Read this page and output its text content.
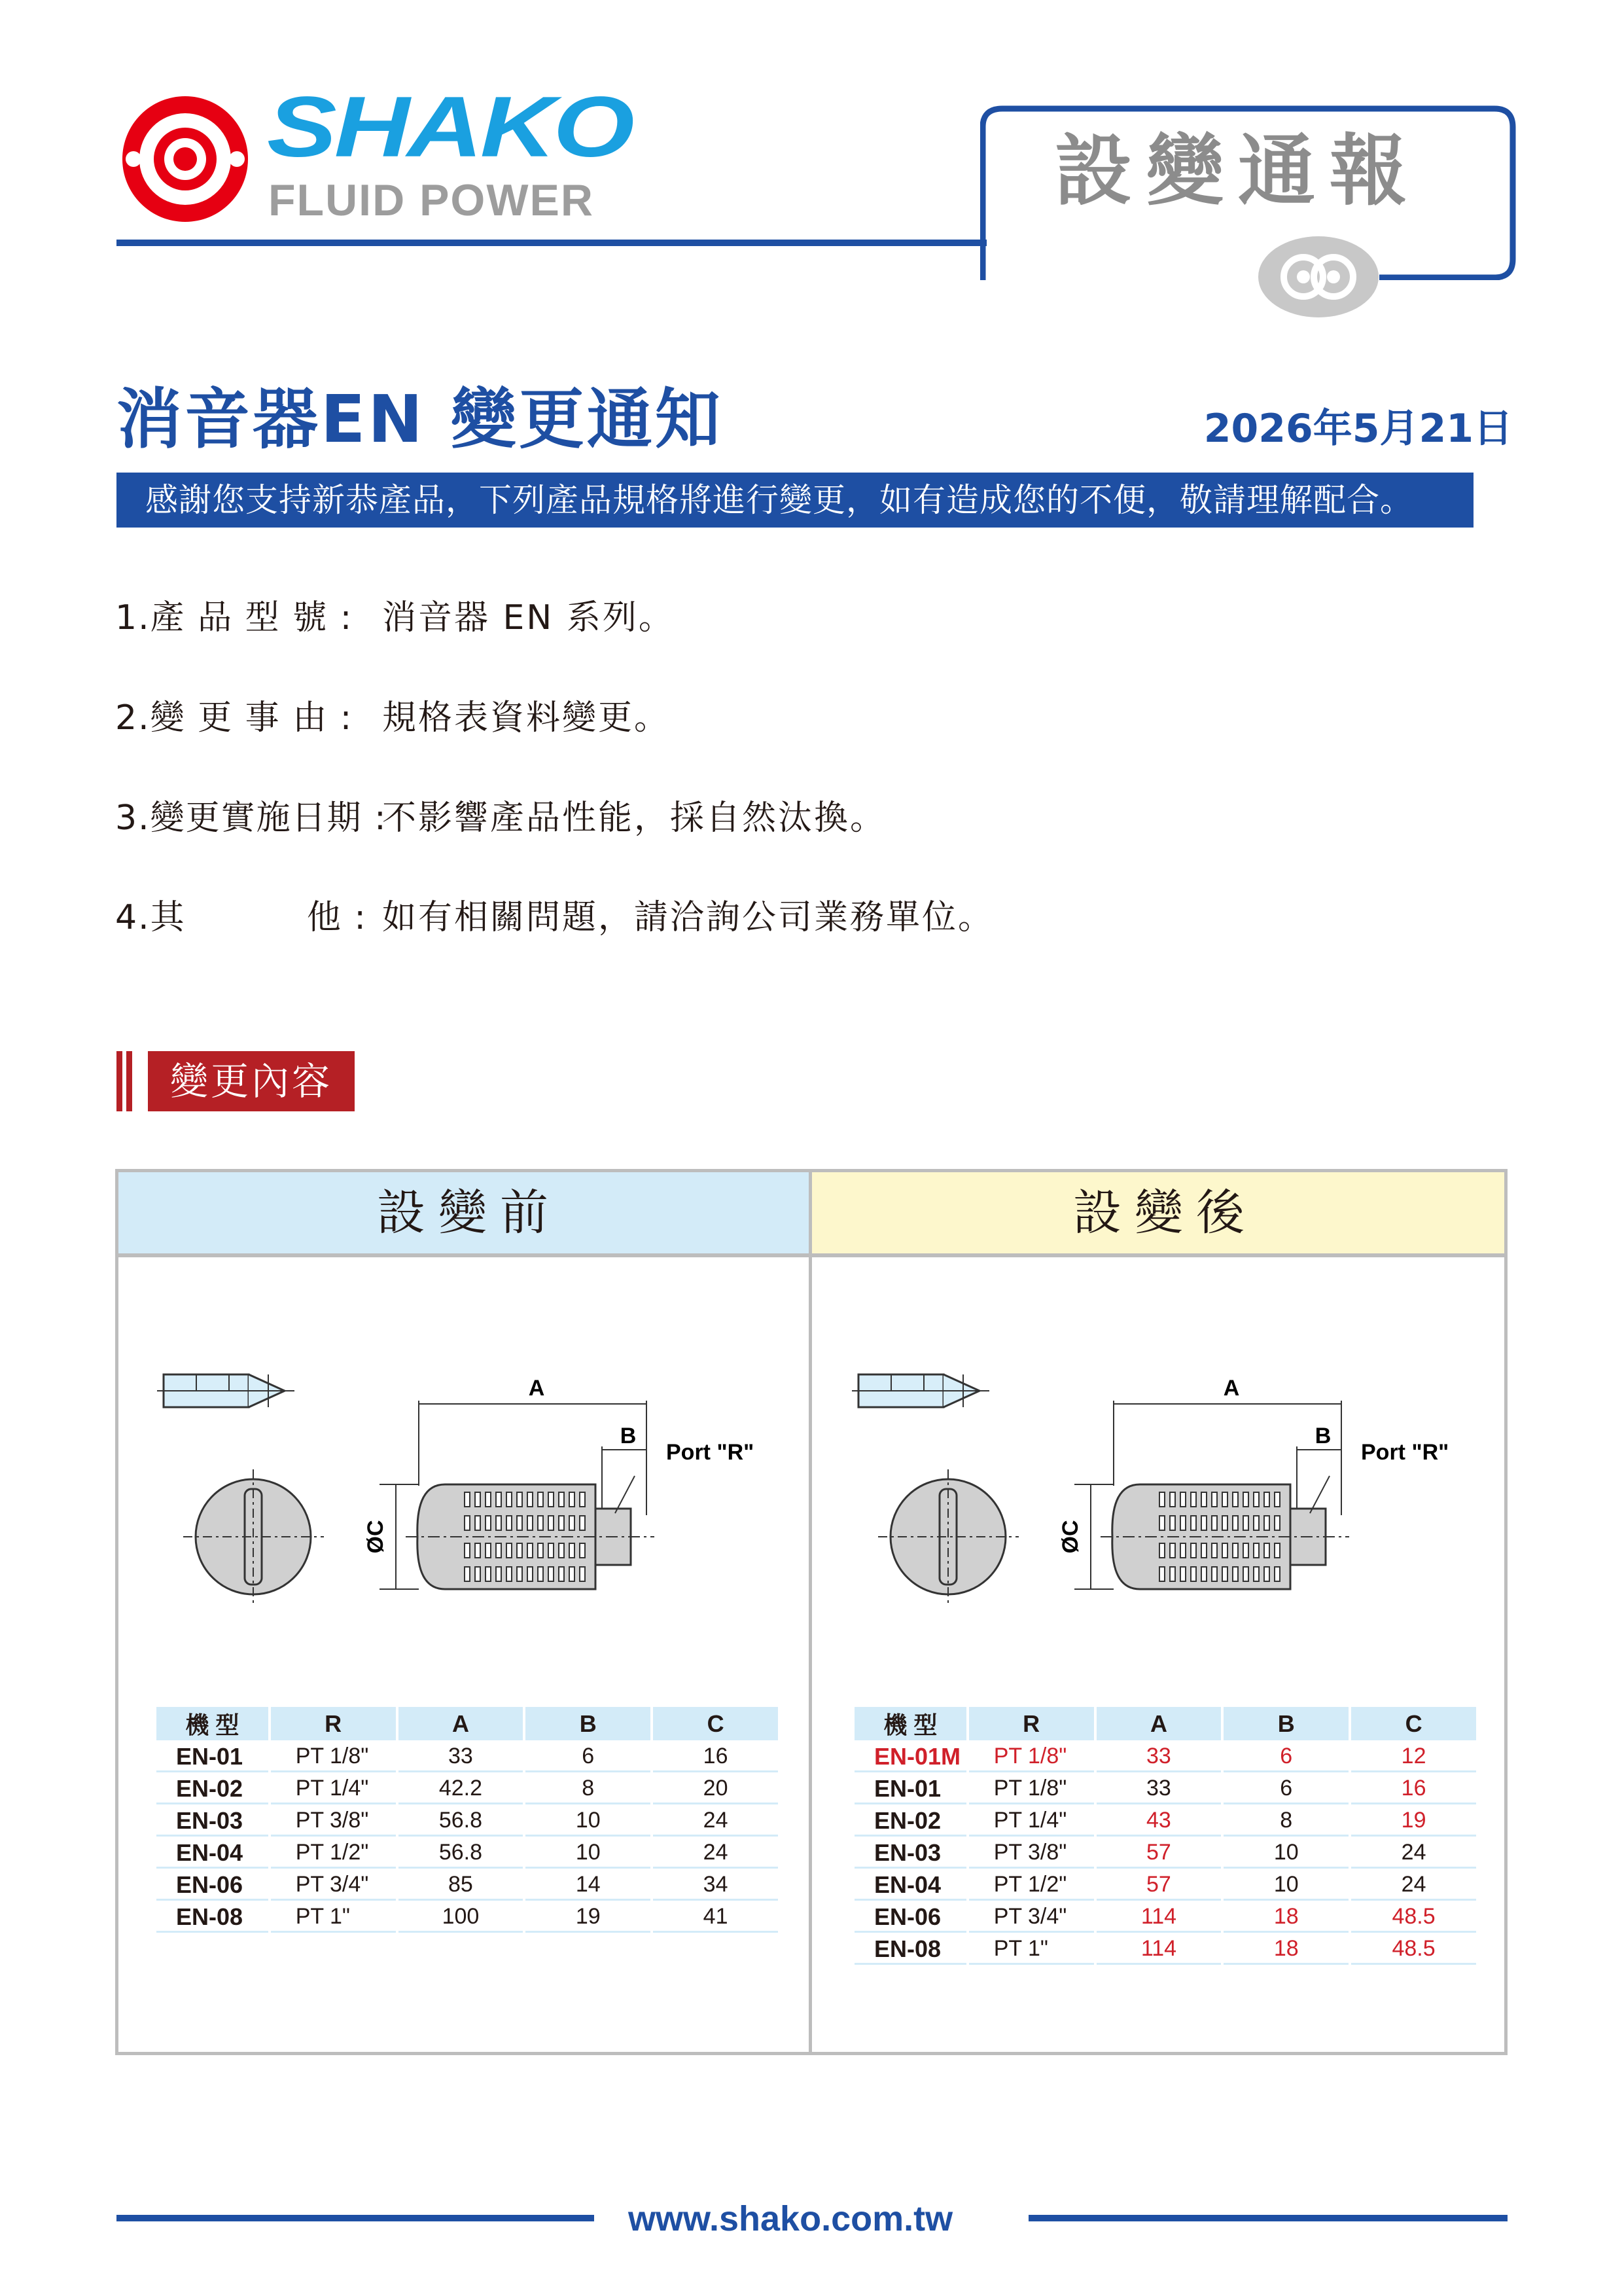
SHAKO
FLUID POWER	設變通報
消音器EN 變更通知	2026年5月21日
感謝您支持新恭產品，下列產品規格將進行變更，如有造成您的不便，敬請理解配合。
1.產 品 型 號 : 消音器 EN 系列。
2.變 更 事 由 : 規格表資料變更。
3.變更實施日期 :不影響產品性能，採自然汰換。
4.其          他 : 如有相關問題，請洽詢公司業務單位。
變更內容
設變前	設變後
A
B
Port "R"
ØC
A
B
Port "R"
ØC
機 型	R	A	B	C
EN-01	PT 1/8"	33	6	16
EN-02	PT 1/4"	42.2	8	20
EN-03	PT 3/8"	56.8	10	24
EN-04	PT 1/2"	56.8	10	24
EN-06	PT 3/4"	85	14	34
EN-08	PT 1"	100	19	41
機 型	R	A	B	C
EN-01M	PT 1/8"	33	6	12
EN-01	PT 1/8"	33	6	16
EN-02	PT 1/4"	43	8	19
EN-03	PT 3/8"	57	10	24
EN-04	PT 1/2"	57	10	24
EN-06	PT 3/4"	114	18	48.5
EN-08	PT 1"	114	18	48.5
www.shako.com.tw
